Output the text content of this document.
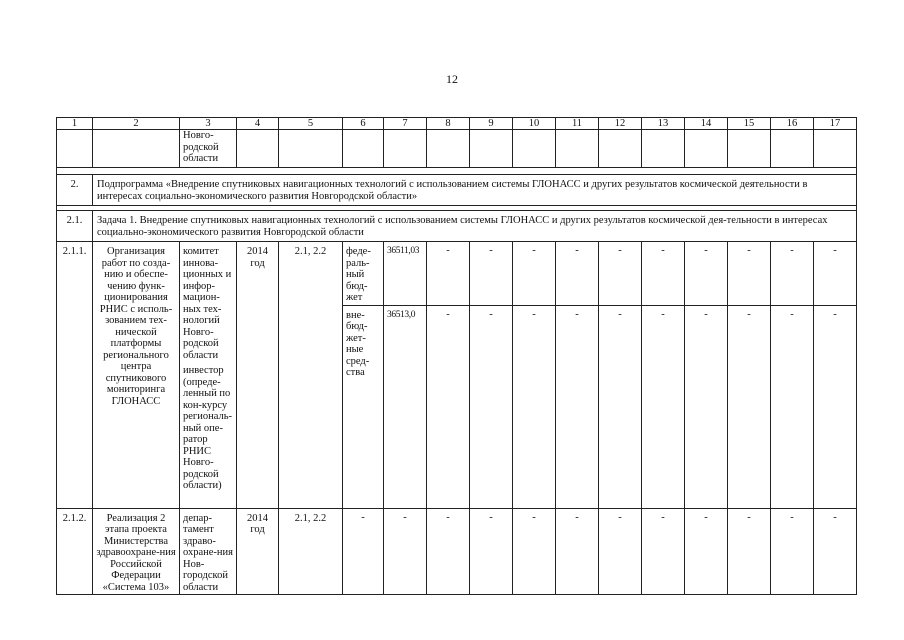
12
1	2	3	4	5	6	7	8	9	10	11	12	13	14	15	16	17
		Новго-
родской
области														

2.	Подпрограмма «Внедрение спутниковых навигационных технологий с использованием системы ГЛОНАСС и других результатов космической деятельности в интересах социально-экономического развития Новгородской области»															

2.1.	Задача 1. Внедрение спутниковых навигационных технологий с использованием системы ГЛОНАСС и других результатов космической дея-тельности в интересах социально-экономического развития Новгородской области															
2.1.1.	Организация работ по созда-нию и обеспе-чению функ-ционирования РНИС с исполь-зованием тех-нической платформы регионального центра спутникового мониторинга ГЛОНАСС	комитет иннова-ционных и инфор-мацион-ных тех-нологий Новго-родской области
инвестор (опреде-ленный по кон-курсу региональ-ный опе-ратор РНИС Новго-родской области)	2014 год	2.1, 2.2	феде-раль-ный бюд-жет	36511,03	-	-	-	-	-	-	-	-	-	-
					вне-бюд-жет-ные сред-ства	36513,0	-	-	-	-	-	-	-	-	-	-
2.1.2.	Реализация 2 этапа проекта Министерства здравоохране-ния Российской Федерации «Система 103»	депар-тамент здраво-охране-ния Нов-городской области	2014 год	2.1, 2.2	-	-	-	-	-	-	-	-	-	-	-	-
